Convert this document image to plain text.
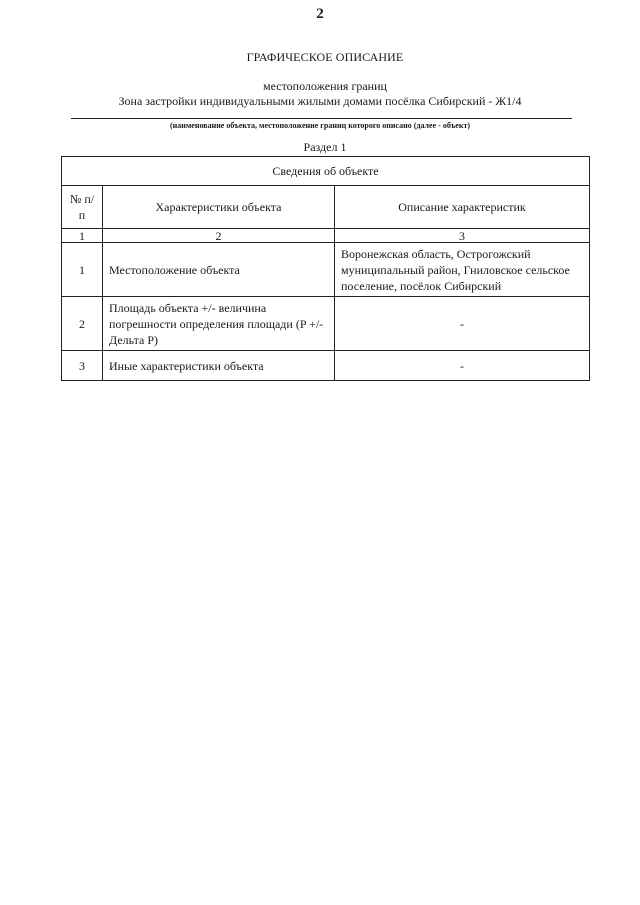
2
ГРАФИЧЕСКОЕ ОПИСАНИЕ
местоположения границ
Зона застройки индивидуальными жилыми домами посёлка Сибирский - Ж1/4
(наименование объекта, местоположение границ которого описано (далее - объект)
Раздел 1
Сведения об объекте		
№ п/п	Характеристики объекта	Описание характеристик
1	2	3
1	Местоположение объекта	Воронежская область, Острогожский муниципальный район, Гниловское сельское поселение, посёлок Сибирский
2	Площадь объекта +/- величина погрешности определения площади (P +/- Дельта P)	-
3	Иные характеристики объекта	-
